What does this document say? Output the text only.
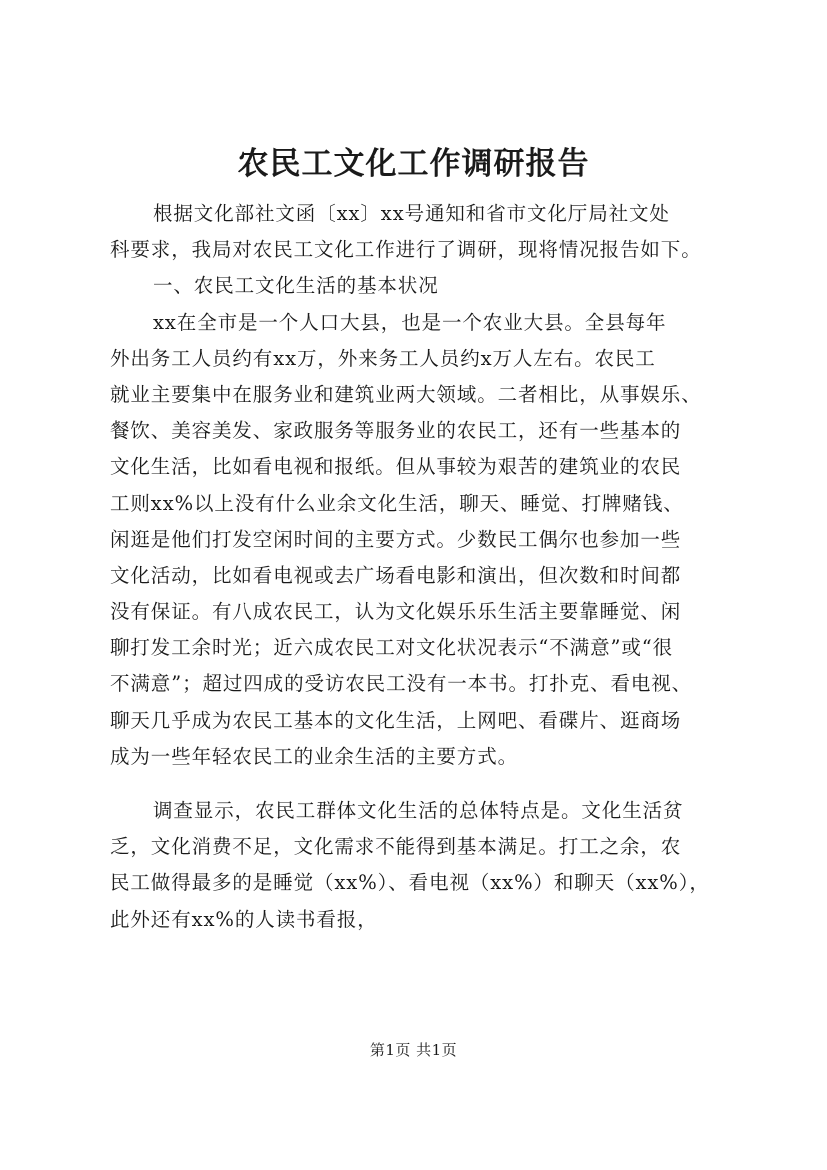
农民工文化工作调研报告
根据文化部社文函〔xx〕xx号通知和省市文化厅局社文处
科要求，我局对农民工文化工作进行了调研，现将情况报告如下。
一、农民工文化生活的基本状况
xx在全市是一个人口大县，也是一个农业大县。全县每年
外出务工人员约有xx万，外来务工人员约x万人左右。农民工
就业主要集中在服务业和建筑业两大领域。二者相比，从事娱乐、
餐饮、美容美发、家政服务等服务业的农民工，还有一些基本的
文化生活，比如看电视和报纸。但从事较为艰苦的建筑业的农民
工则xx%以上没有什么业余文化生活，聊天、睡觉、打牌赌钱、
闲逛是他们打发空闲时间的主要方式。少数民工偶尔也参加一些
文化活动，比如看电视或去广场看电影和演出，但次数和时间都
没有保证。有八成农民工，认为文化娱乐乐生活主要靠睡觉、闲
聊打发工余时光；近六成农民工对文化状况表示“不满意”或“很
不满意”；超过四成的受访农民工没有一本书。打扑克、看电视、
聊天几乎成为农民工基本的文化生活，上网吧、看碟片、逛商场
成为一些年轻农民工的业余生活的主要方式。
调查显示，农民工群体文化生活的总体特点是。文化生活贫
乏，文化消费不足，文化需求不能得到基本满足。打工之余，农
民工做得最多的是睡觉（xx%）、看电视（xx%）和聊天（xx%），
此外还有xx%的人读书看报，
第1页 共1页
